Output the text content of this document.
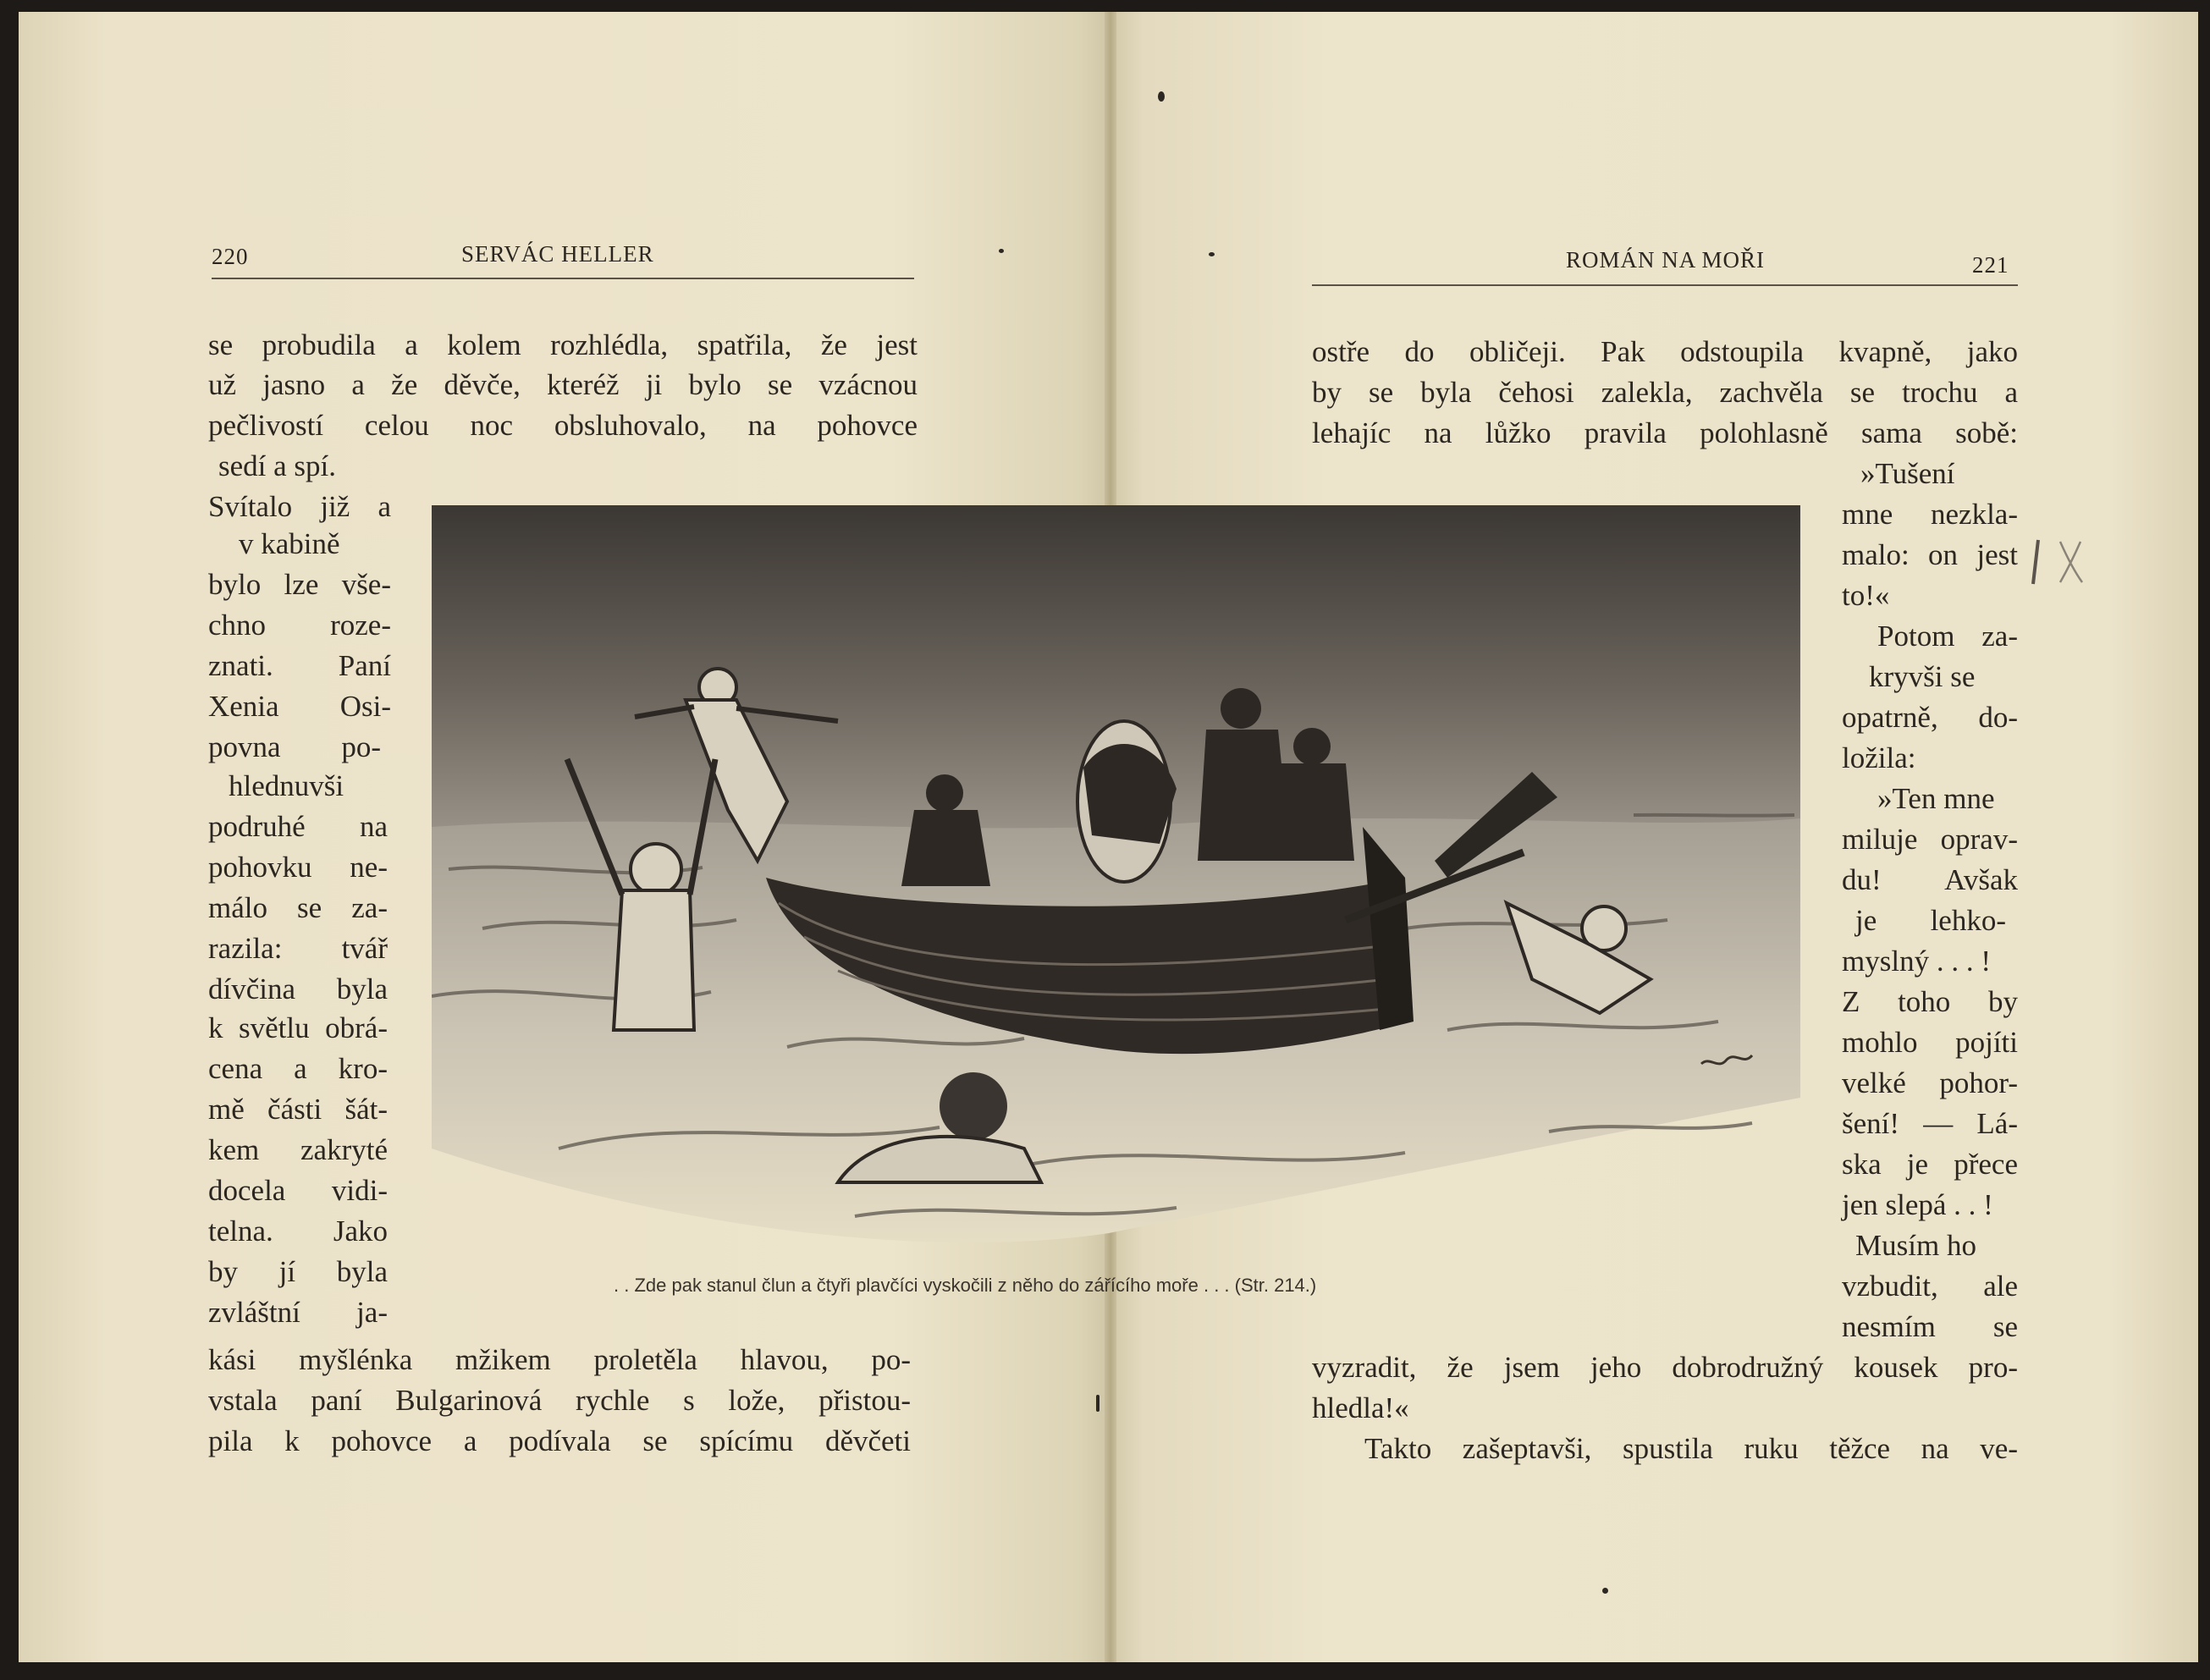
220	SERVÁC HELLER	ROMÁN NA MOŘI	221
se probudila a kolem rozhlédla, spatřila, že jest
už jasno a že děvče, kteréž ji bylo se vzácnou
pečlivostí celou noc obsluhovalo, na pohovce
sedí a spí.
Svítalo již a
v kabině
bylo lze vše-
chno roze-
znati. Paní
Xenia Osi-
povna po-
hlednuvši
podruhé na
pohovku ne-
málo se za-
razila: tvář
dívčina byla
k světlu obrá-
cena a kro-
mě části šát-
kem zakryté
docela vidi-
telna. Jako
by jí byla
zvláštní ja-
kási myšlénka mžikem proletěla hlavou, po-
vstala paní Bulgarinová rychle s lože, přistou-
pila k pohovce a podívala se spícímu děvčeti
ostře do obličeji. Pak odstoupila kvapně, jako
by se byla čehosi zalekla, zachvěla se trochu a
lehajíc na lůžko pravila polohlasně sama sobě:
»Tušení
mne nezkla-
malo: on jest
to!«
Potom za-
kryvši se
opatrně, do-
ložila:
»Ten mne
miluje oprav-
du! Avšak
je lehko-
myslný . . . !
Z toho by
mohlo pojíti
velké pohor-
šení! — Lá-
ska je přece
jen slepá . . !
Musím ho
vzbudit, ale
nesmím se
vyzradit, že jsem jeho dobrodružný kousek pro-
hledla!«
Takto zašeptavši, spustila ruku těžce na ve-
. . Zde pak stanul člun a čtyři plavčíci vyskočili z něho do zářícího moře . . . (Str. 214.)
